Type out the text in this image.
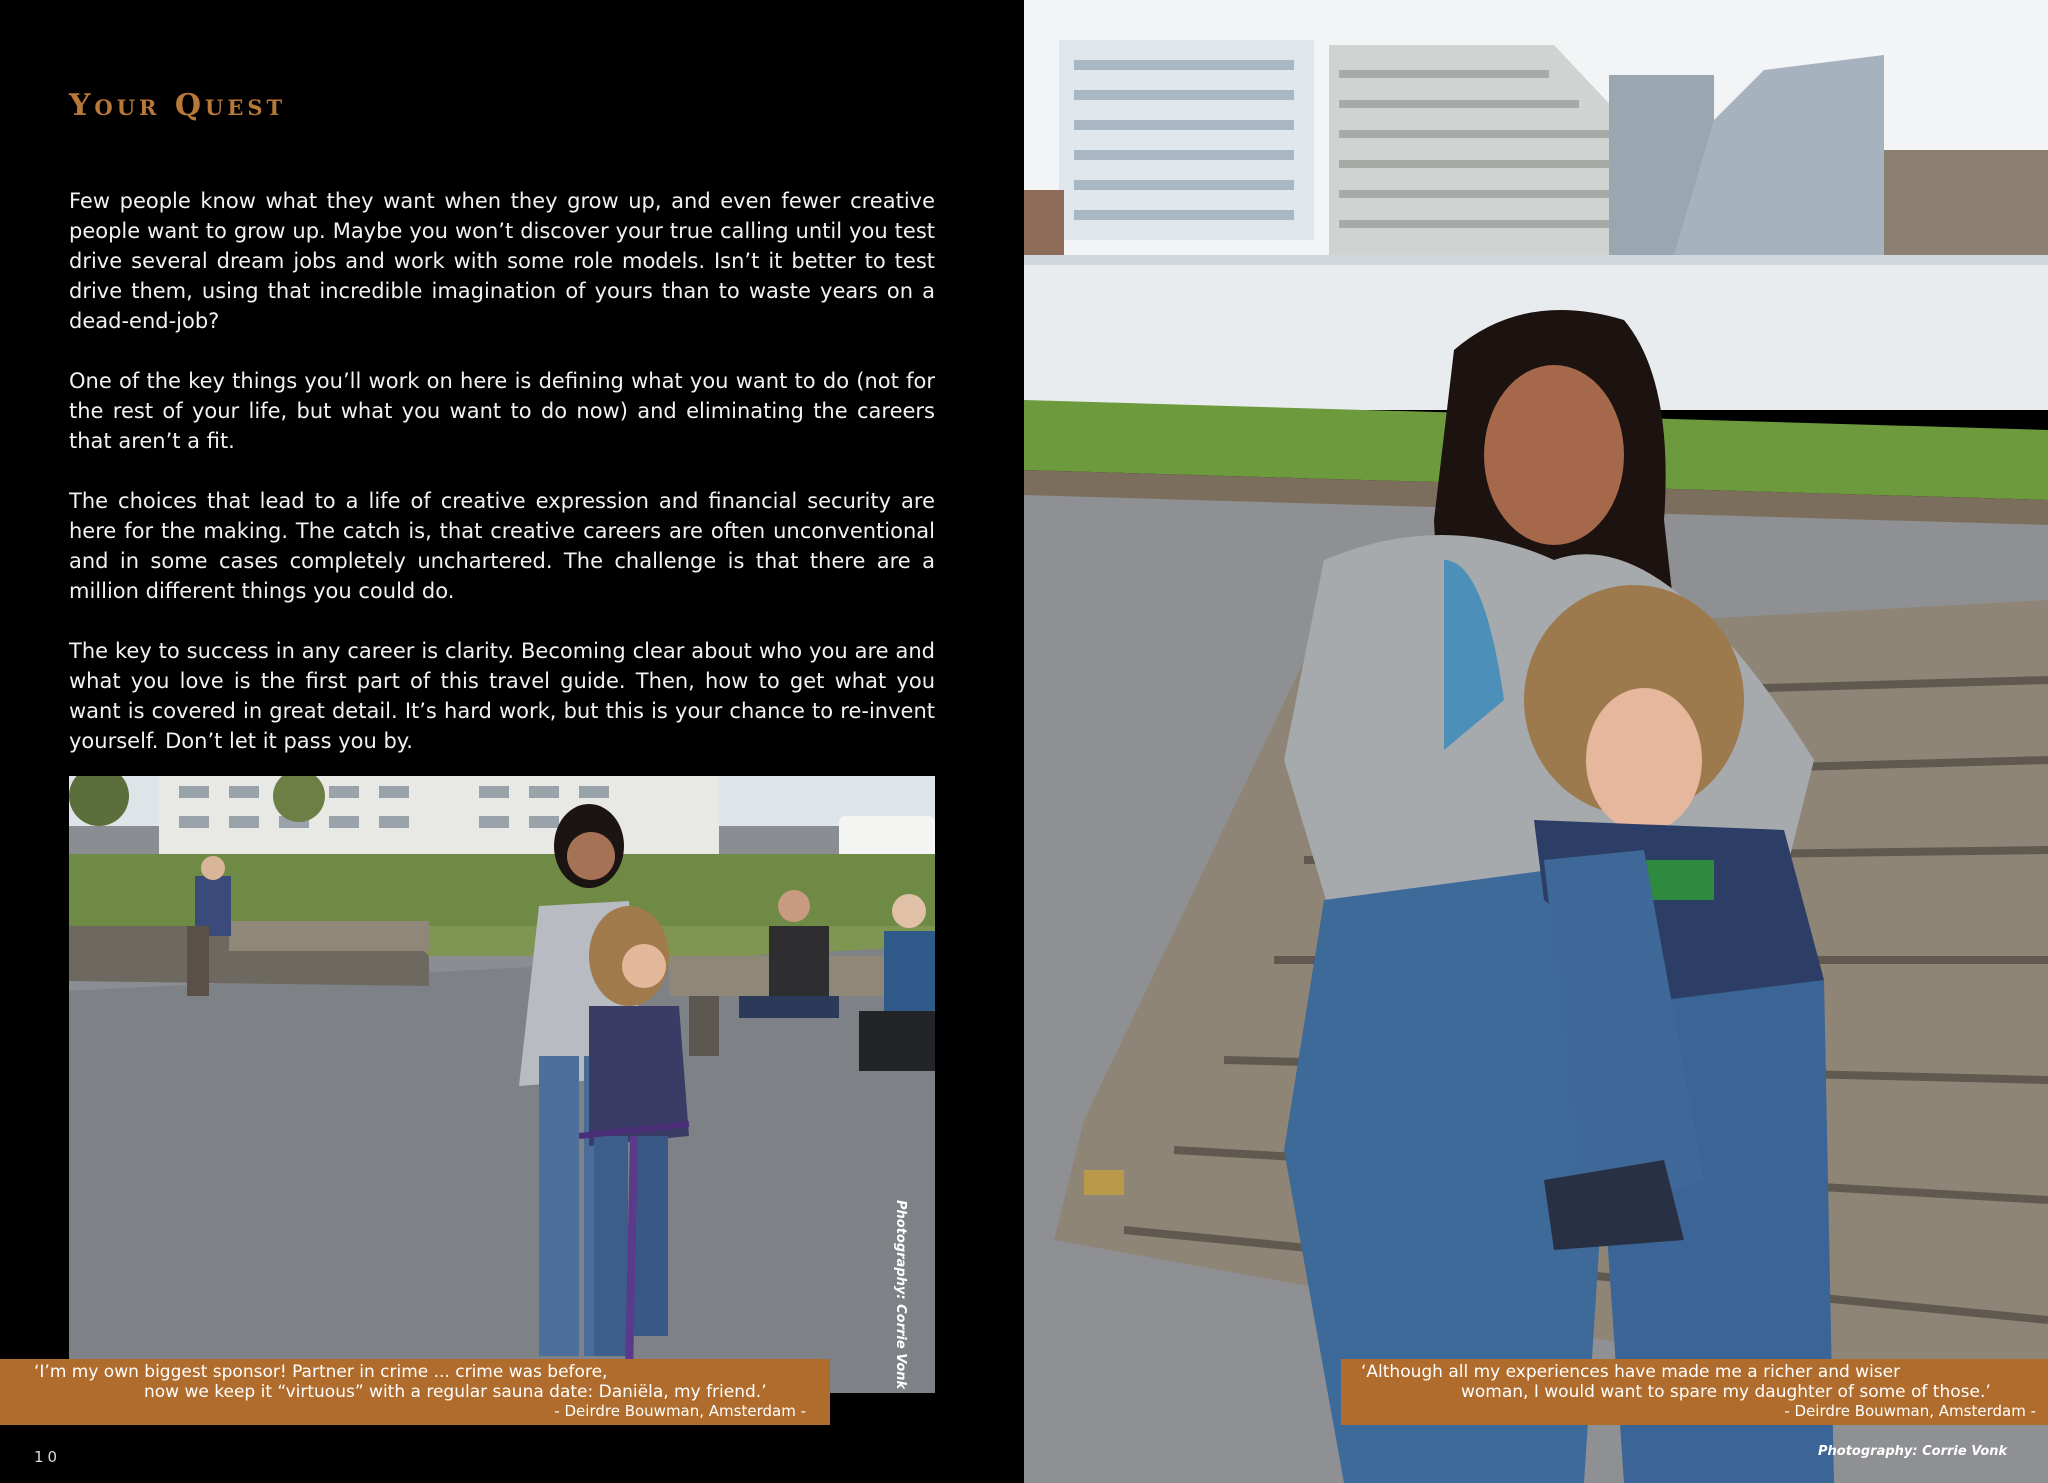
Your Quest

Few people know what they want when they grow up, and even fewer creative people want to grow up. Maybe you won’t discover your true calling until you test drive several dream jobs and work with some role models. Isn’t it better to test drive them, using that incredible imagination of yours than to waste years on a dead-end-job?

One of the key things you’ll work on here is defining what you want to do (not for the rest of your life, but what you want to do now) and eliminating the careers that aren’t a fit.

The choices that lead to a life of creative expression and financial security are here for the making. The catch is, that creative careers are often unconventional and in some cases completely unchartered. The challenge is that there are a million different things you could do.

The key to success in any career is clarity. Becoming clear about who you are and what you love is the first part of this travel guide. Then, how to get what you want is covered in great detail. It’s hard work, but this is your chance to re-invent yourself. Don’t let it pass you by.

Photography: Corrie Vonk
‘I’m my own biggest sponsor! Partner in crime ... crime was before,
now we keep it “virtuous” with a regular sauna date: Daniëla, my friend.’
- Deirdre Bouwman, Amsterdam -
10	Photography: Corrie Vonk
‘Although all my experiences have made me a richer and wiser
woman, I would want to spare my daughter of some of those.’
- Deirdre Bouwman, Amsterdam -
